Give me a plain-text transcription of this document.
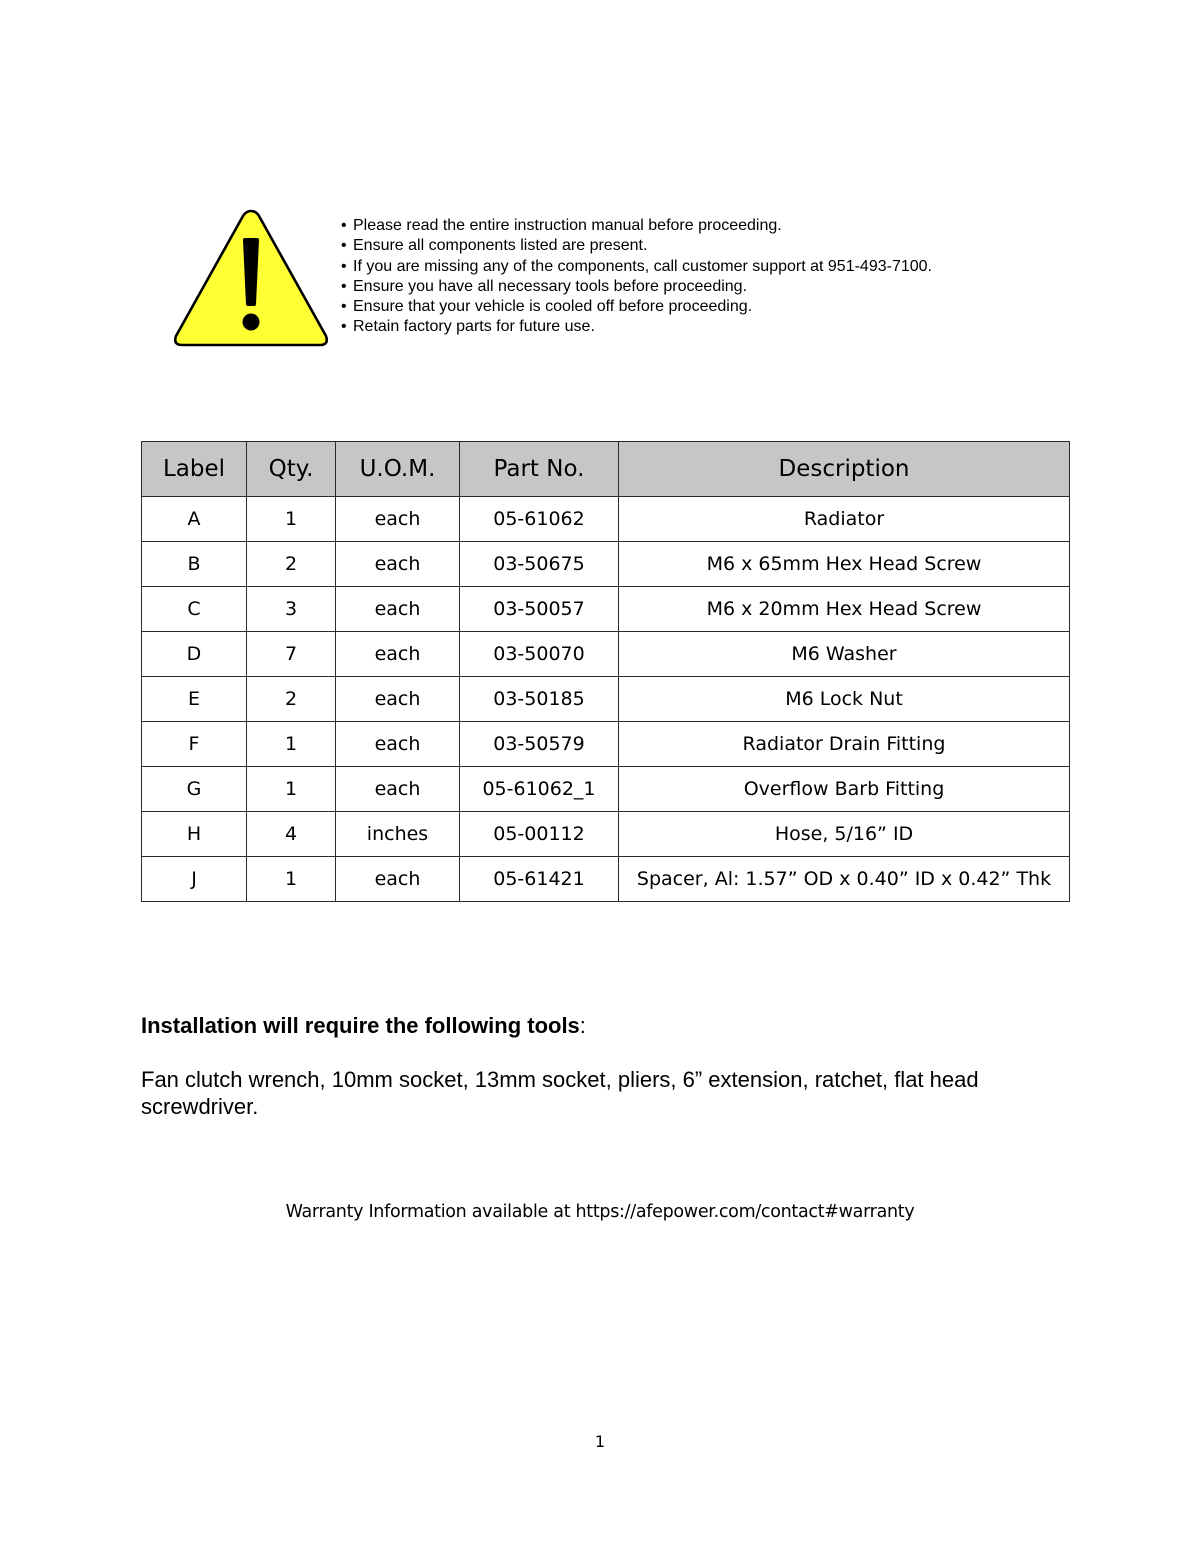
• Please read the entire instruction manual before proceeding.
• Ensure all components listed are present.
• If you are missing any of the components, call customer support at 951-493-7100.
• Ensure you have all necessary tools before proceeding.
• Ensure that your vehicle is cooled off before proceeding.
• Retain factory parts for future use.
Label	Qty.	U.O.M.	Part No.	Description
A	1	each	05-61062	Radiator
B	2	each	03-50675	M6 x 65mm Hex Head Screw
C	3	each	03-50057	M6 x 20mm Hex Head Screw
D	7	each	03-50070	M6 Washer
E	2	each	03-50185	M6 Lock Nut
F	1	each	03-50579	Radiator Drain Fitting
G	1	each	05-61062_1	Overflow Barb Fitting
H	4	inches	05-00112	Hose, 5/16” ID
J	1	each	05-61421	Spacer, Al: 1.57” OD x 0.40” ID x 0.42” Thk

Installation will require the following tools:

Fan clutch wrench, 10mm socket, 13mm socket, pliers, 6” extension, ratchet, flat head screwdriver.

Warranty Information available at https://afepower.com/contact#warranty
1
